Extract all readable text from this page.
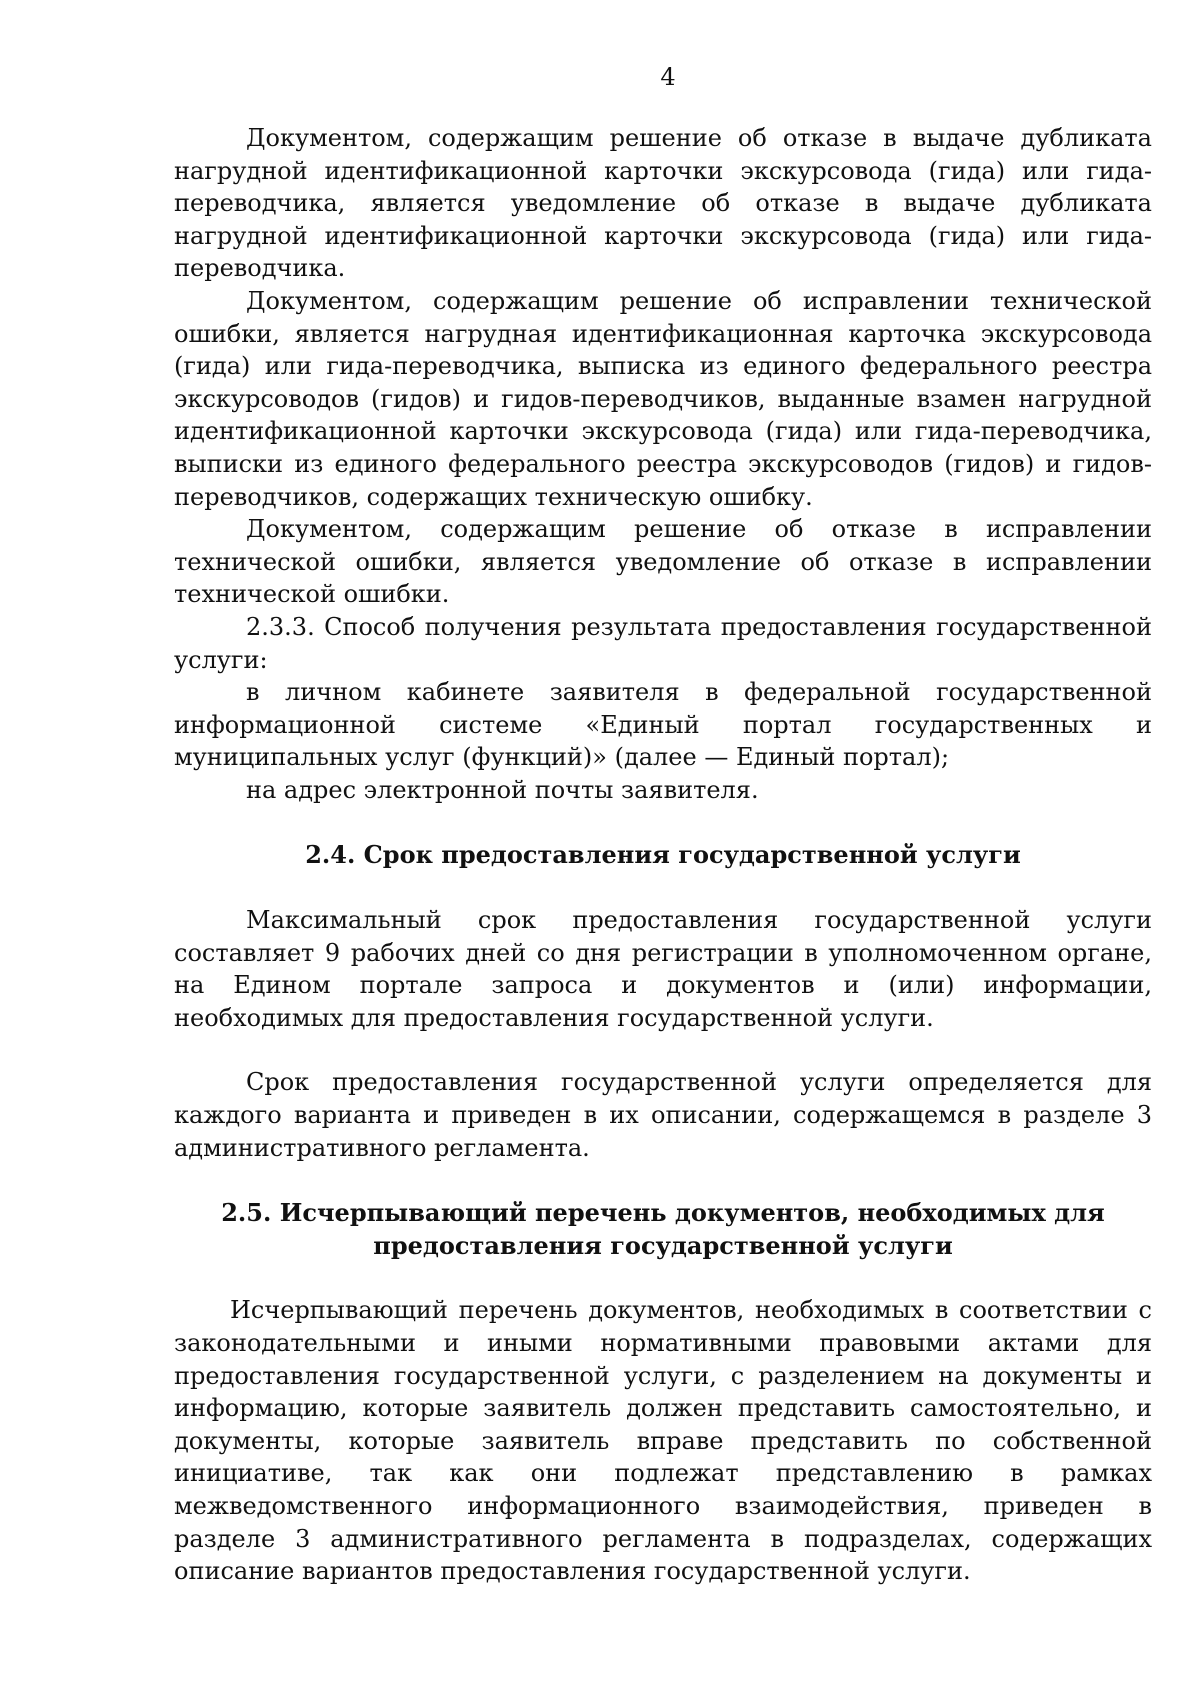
4

Документом, содержащим решение об отказе в выдаче дубликата нагрудной идентификационной карточки экскурсовода (гида) или гида-переводчика, является уведомление об отказе в выдаче дубликата нагрудной идентификационной карточки экскурсовода (гида) или гида-переводчика.

Документом, содержащим решение об исправлении технической ошибки, является нагрудная идентификационная карточка экскурсовода (гида) или гида-переводчика, выписка из единого федерального реестра экскурсоводов (гидов) и гидов-переводчиков, выданные взамен нагрудной идентификационной карточки экскурсовода (гида) или гида-переводчика, выписки из единого федерального реестра экскурсоводов (гидов) и гидов-переводчиков, содержащих техническую ошибку.

Документом, содержащим решение об отказе в исправлении технической ошибки, является уведомление об отказе в исправлении технической ошибки.

2.3.3. Способ получения результата предоставления государственной услуги:

в личном кабинете заявителя в федеральной государственной информационной системе «Единый портал государственных и муниципальных услуг (функций)» (далее — Единый портал);

на адрес электронной почты заявителя.

2.4. Срок предоставления государственной услуги

Максимальный срок предоставления государственной услуги составляет 9 рабочих дней со дня регистрации в уполномоченном органе, на Едином портале запроса и документов и (или) информации, необходимых для предоставления государственной услуги.

Срок предоставления государственной услуги определяется для каждого варианта и приведен в их описании, содержащемся в разделе 3 административного регламента.

2.5. Исчерпывающий перечень документов, необходимых для
предоставления государственной услуги

Исчерпывающий перечень документов, необходимых в соответствии с законодательными и иными нормативными правовыми актами для предоставления государственной услуги, с разделением на документы и информацию, которые заявитель должен представить самостоятельно, и документы, которые заявитель вправе представить по собственной инициативе, так как они подлежат представлению в рамках межведомственного информационного взаимодействия, приведен в разделе 3 административного регламента в подразделах, содержащих описание вариантов предоставления государственной услуги.
